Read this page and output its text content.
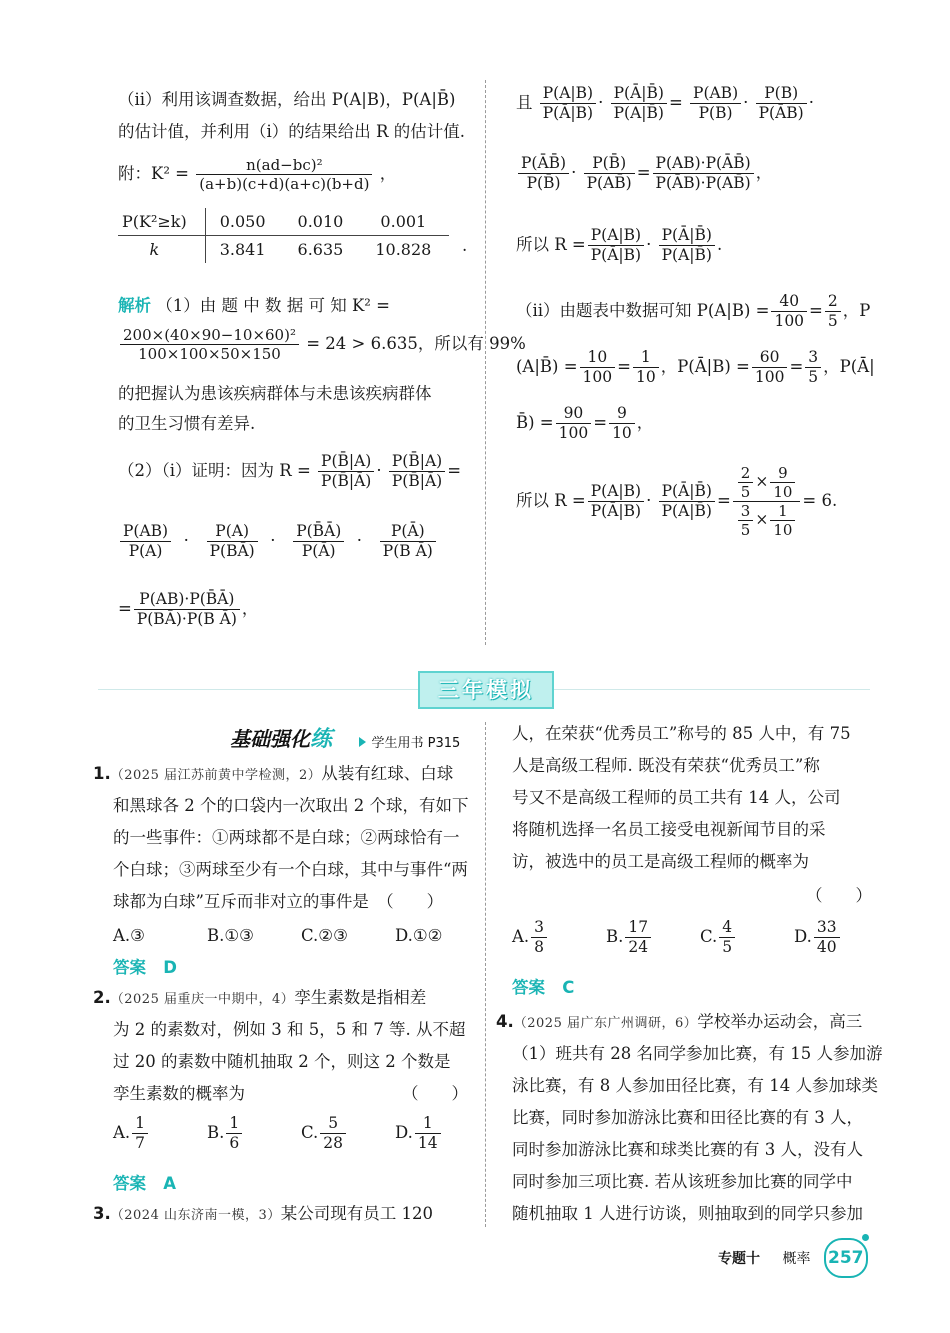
（ⅱ）利用该调查数据，给出 P(A|B)，P(A|B̄)
的估计值，并利用（ⅰ）的结果给出 R 的估计值.
附：$K^2 = \frac{\text{n(ad−bc)²}}{(a+b)(c+d)(a+c)(b+d)}$ ，
P(K²≥k)	0.050	0.010	0.001
k	3.841	6.635	10.828 .
解析 （1）由 题 中 数 据 可 知 K² =
$\frac{\text{200×(40×90−10×60)²}}{100\times 100\times 50\times 150} = 24 > 6.635$，所以有 99%
的把握认为患该疾病群体与未患该疾病群体
的卫生习惯有差异.
（2）（ⅰ）证明：因为 $R = \frac{P(B̄|A)}{P(B̄|Ā)} \cdot \frac{P(B̄|A)}{P(B̄|Ā)}$ =
$\frac{P(AB)}{P(A)} \cdot \frac{P(A)}{P(BĀ)} \cdot \frac{P(B̄Ā)}{P(Ā)} \cdot \frac{P(Ā)}{\text{P(B Ā)}}$
= $\frac{P(AB)\cdot P(B̄Ā)}{\text{P(BĀ)·P(B Ā)}}$ ，
且 $\frac{P(A|B)}{P(Ā|B)} \cdot \frac{P(Ā|B̄)}{P(A|B̄)} = \frac{P(AB)}{P(B)} \cdot \frac{P(B)}{P(ĀB)}$ ·
$\frac{P(ĀB̄)}{P(B̄)} \cdot \frac{P(B̄)}{P(AB̄)} = \frac{P(AB)\cdot P(ĀB̄)}{P(ĀB)\cdot P(AB̄)}$ ，
所以 $R = \frac{P(A|B)}{P(Ā|B)} \cdot \frac{P(Ā|B̄)}{P(A|B̄)}$ .
（ⅱ）由题表中数据可知 $P(A|B) = \frac{40}{100} = \frac{2}{5}$ ，P
(A|B̄) = $\frac{10}{100} = \frac{1}{10}$ ，P(Ā|B) = $\frac{60}{100} = \frac{3}{5}$ ，P(Ā|
B̄) = $\frac{90}{100} = \frac{9}{10}$ ，
所以 $R = \frac{P(A|B)}{P(Ā|B)} \cdot \frac{P(Ā|B̄)}{P(A|B̄)} = \frac{\frac{2}{5} \times \frac{9}{10}}{\frac{3}{5} \times \frac{1}{10}} = 6$.
三年模拟
基础强化练	学生用书 P315
1.（2025 届江苏前黄中学检测，2）从装有红球、白球
和黑球各 2 个的口袋内一次取出 2 个球，有如下
的一些事件：①两球都不是白球；②两球恰有一
个白球；③两球至少有一个白球，其中与事件“两
球都为白球”互斥而非对立的事件是　（　　）
A.③	B.①③	C.②③	D.①②
答案 D
2.（2025 届重庆一中期中，4）孪生素数是指相差
为 2 的素数对，例如 3 和 5，5 和 7 等. 从不超
过 20 的素数中随机抽取 2 个，则这 2 个数是
孪生素数的概率为	（　　）
A. $\frac{1}{7}$	B. $\frac{1}{6}$	C. $\frac{5}{28}$	D. $\frac{1}{14}$
答案 A
3.（2024 山东济南一模，3）某公司现有员工 120
人，在荣获“优秀员工”称号的 85 人中，有 75
人是高级工程师. 既没有荣获“优秀员工”称
号又不是高级工程师的员工共有 14 人，公司
将随机选择一名员工接受电视新闻节目的采
访，被选中的员工是高级工程师的概率为
（　　）
A. $\frac{3}{8}$	B. $\frac{17}{24}$	C. $\frac{4}{5}$	D. $\frac{33}{40}$
答案 C
4.（2025 届广东广州调研，6）学校举办运动会，高三
（1）班共有 28 名同学参加比赛，有 15 人参加游
泳比赛，有 8 人参加田径比赛，有 14 人参加球类
比赛，同时参加游泳比赛和田径比赛的有 3 人，
同时参加游泳比赛和球类比赛的有 3 人，没有人
同时参加三项比赛. 若从该班参加比赛的同学中
随机抽取 1 人进行访谈，则抽取到的同学只参加
专题十 概率 257
